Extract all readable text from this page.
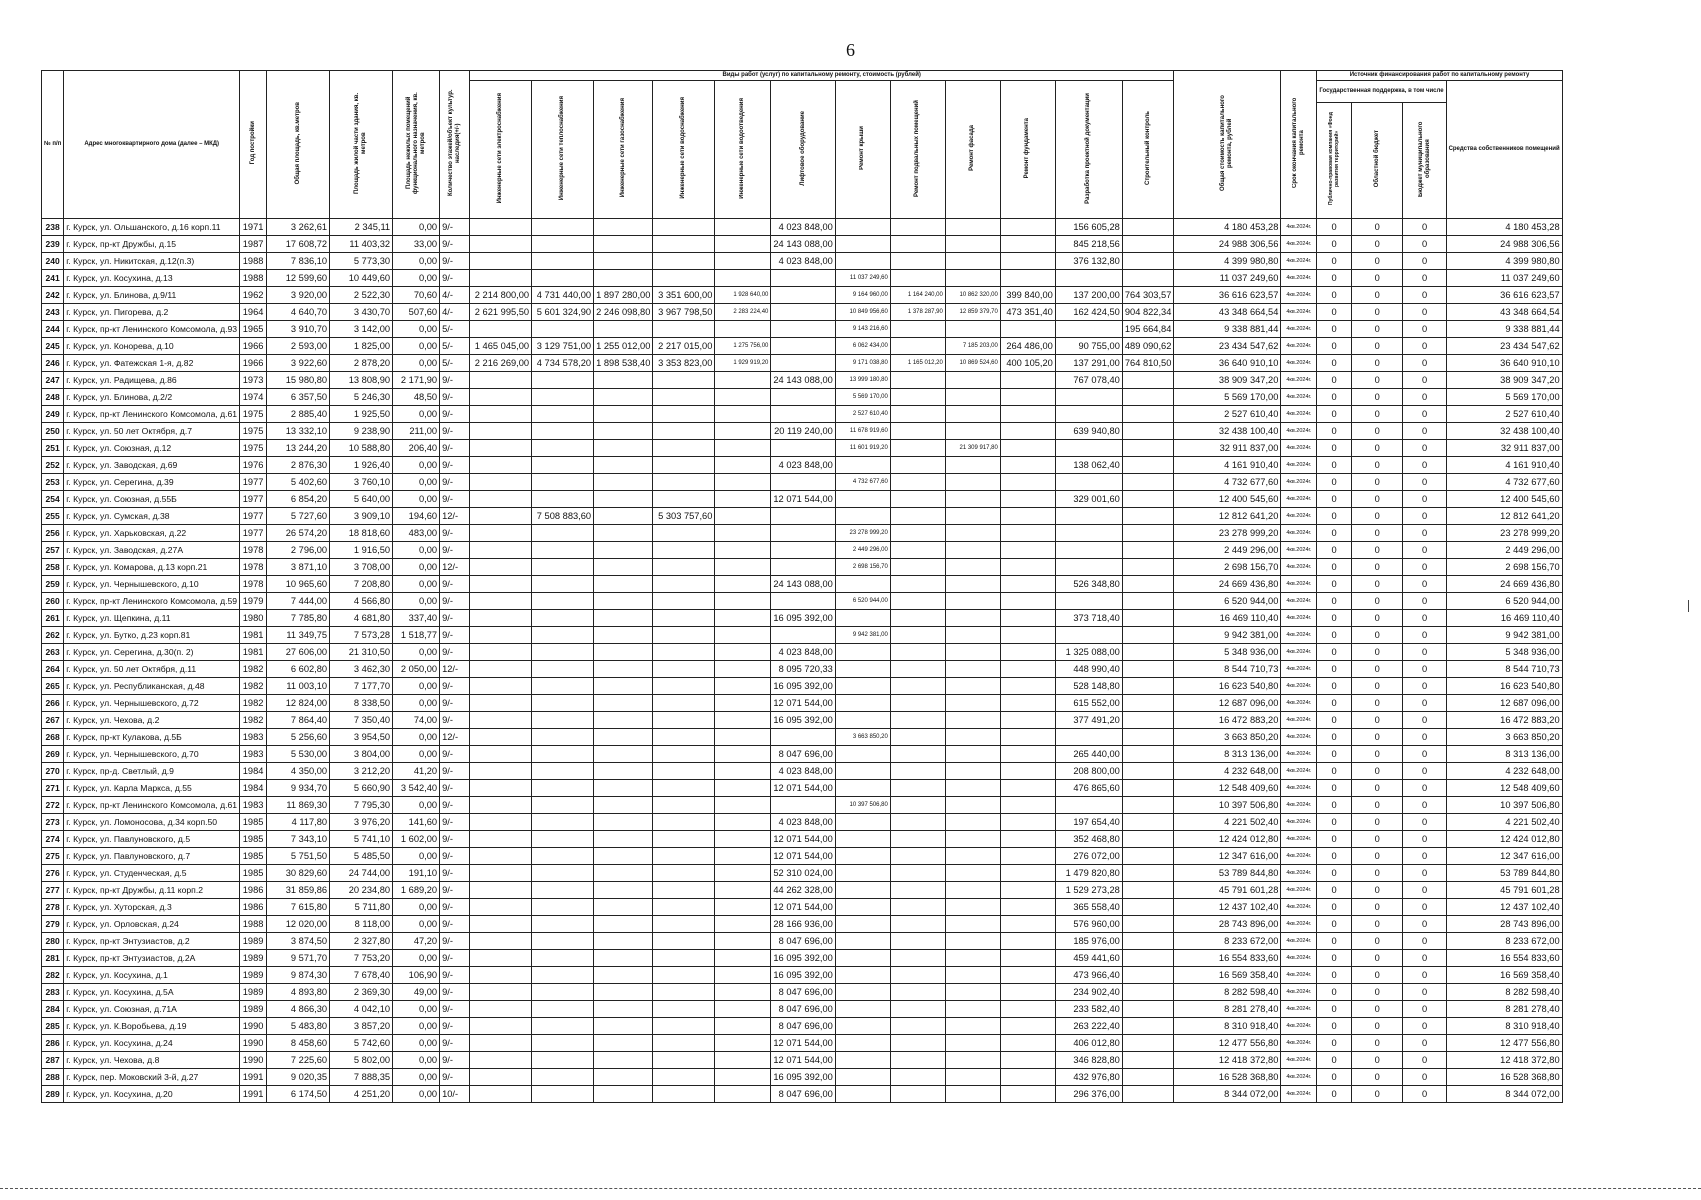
6
№ п/п	Адрес многоквартирного дома (далее – МКД)	Год постройки	Общая площадь, кв.метров	Площадь жилой части здания, кв. метров	Площадь нежилых помещений функционального назначения, кв. метров	Количество этажей/объект культур. наследия(+/-)	Виды работ (услуг) по капитальному ремонту, стоимость (рублей)												Общая стоимость капитального ремонта, рублей	Срок окончания капитального ремонта	Источник финансирования работ по капитальному ремонту			
							Инженерные сети электроснабжения	Инженерные сети теплоснабжения	Инженерные сети газоснабжения	Инженерные сети водоснабжения	Инженерные сети водоотведения	Лифтовое оборудование	Ремонт крыши	Ремонт подвальных помещений	Ремонт фасада	Ремонт фундамента	Разработка проектной документации	Строительный контроль			Государственная поддержка, в том числе			Средства собственников помещений
																					Публично-правовая компания «Фонд развития территорий»	Областной бюджет	Бюджет муниципального образования	
238	г. Курск, ул. Ольшанского, д.16 корп.11	1971	3 262,61	2 345,11	0,00	9/-						4 023 848,00					156 605,28		4 180 453,28	4кв.2024г.	0	0	0	4 180 453,28
239	г. Курск, пр-кт Дружбы, д.15	1987	17 608,72	11 403,32	33,00	9/-						24 143 088,00					845 218,56		24 988 306,56	4кв.2024г.	0	0	0	24 988 306,56
240	г. Курск, ул. Никитская, д.12(п.3)	1988	7 836,10	5 773,30	0,00	9/-						4 023 848,00					376 132,80		4 399 980,80	4кв.2024г.	0	0	0	4 399 980,80
241	г. Курск, ул. Косухина, д.13	1988	12 599,60	10 449,60	0,00	9/-							11 037 249,60						11 037 249,60	4кв.2024г.	0	0	0	11 037 249,60
242	г. Курск, ул. Блинова, д.9/11	1962	3 920,00	2 522,30	70,60	4/-	2 214 800,00	4 731 440,00	1 897 280,00	3 351 600,00	1 928 640,00		9 164 960,00	1 164 240,00	10 862 320,00	399 840,00	137 200,00	764 303,57	36 616 623,57	4кв.2024г.	0	0	0	36 616 623,57
243	г. Курск, ул. Пигорева, д.2	1964	4 640,70	3 430,70	507,60	4/-	2 621 995,50	5 601 324,90	2 246 098,80	3 967 798,50	2 283 224,40		10 849 956,60	1 378 287,90	12 859 379,70	473 351,40	162 424,50	904 822,34	43 348 664,54	4кв.2024г.	0	0	0	43 348 664,54
244	г. Курск, пр-кт Ленинского Комсомола, д.93	1965	3 910,70	3 142,00	0,00	5/-							9 143 216,60					195 664,84	9 338 881,44	4кв.2024г.	0	0	0	9 338 881,44
245	г. Курск, ул. Конорева, д.10	1966	2 593,00	1 825,00	0,00	5/-	1 465 045,00	3 129 751,00	1 255 012,00	2 217 015,00	1 275 756,00		6 062 434,00		7 185 203,00	264 486,00	90 755,00	489 090,62	23 434 547,62	4кв.2024г.	0	0	0	23 434 547,62
246	г. Курск, ул. Фатежская 1-я, д.82	1966	3 922,60	2 878,20	0,00	5/-	2 216 269,00	4 734 578,20	1 898 538,40	3 353 823,00	1 929 919,20		9 171 038,80	1 165 012,20	10 869 524,60	400 105,20	137 291,00	764 810,50	36 640 910,10	4кв.2024г.	0	0	0	36 640 910,10
247	г. Курск, ул. Радищева, д.86	1973	15 980,80	13 808,90	2 171,90	9/-						24 143 088,00	13 999 180,80				767 078,40		38 909 347,20	4кв.2024г.	0	0	0	38 909 347,20
248	г. Курск, ул. Блинова, д.2/2	1974	6 357,50	5 246,30	48,50	9/-							5 569 170,00						5 569 170,00	4кв.2024г.	0	0	0	5 569 170,00
249	г. Курск, пр-кт Ленинского Комсомола, д.61	1975	2 885,40	1 925,50	0,00	9/-							2 527 610,40						2 527 610,40	4кв.2024г.	0	0	0	2 527 610,40
250	г. Курск, ул. 50 лет Октября, д.7	1975	13 332,10	9 238,90	211,00	9/-						20 119 240,00	11 678 919,60				639 940,80		32 438 100,40	4кв.2024г.	0	0	0	32 438 100,40
251	г. Курск, ул. Союзная, д.12	1975	13 244,20	10 588,80	206,40	9/-							11 601 919,20		21 309 917,80				32 911 837,00	4кв.2024г.	0	0	0	32 911 837,00
252	г. Курск, ул. Заводская, д.69	1976	2 876,30	1 926,40	0,00	9/-						4 023 848,00					138 062,40		4 161 910,40	4кв.2024г.	0	0	0	4 161 910,40
253	г. Курск, ул. Серегина, д.39	1977	5 402,60	3 760,10	0,00	9/-							4 732 677,60						4 732 677,60	4кв.2024г.	0	0	0	4 732 677,60
254	г. Курск, ул. Союзная, д.55Б	1977	6 854,20	5 640,00	0,00	9/-						12 071 544,00					329 001,60		12 400 545,60	4кв.2024г.	0	0	0	12 400 545,60
255	г. Курск, ул. Сумская, д.38	1977	5 727,60	3 909,10	194,60	12/-		7 508 883,60		5 303 757,60									12 812 641,20	4кв.2024г.	0	0	0	12 812 641,20
256	г. Курск, ул. Харьковская, д.22	1977	26 574,20	18 818,60	483,00	9/-							23 278 999,20						23 278 999,20	4кв.2024г.	0	0	0	23 278 999,20
257	г. Курск, ул. Заводская, д.27А	1978	2 796,00	1 916,50	0,00	9/-							2 449 296,00						2 449 296,00	4кв.2024г.	0	0	0	2 449 296,00
258	г. Курск, ул. Комарова, д.13 корп.21	1978	3 871,10	3 708,00	0,00	12/-							2 698 156,70						2 698 156,70	4кв.2024г.	0	0	0	2 698 156,70
259	г. Курск, ул. Чернышевского, д.10	1978	10 965,60	7 208,80	0,00	9/-						24 143 088,00					526 348,80		24 669 436,80	4кв.2024г.	0	0	0	24 669 436,80
260	г. Курск, пр-кт Ленинского Комсомола, д.59	1979	7 444,00	4 566,80	0,00	9/-							6 520 944,00						6 520 944,00	4кв.2024г.	0	0	0	6 520 944,00
261	г. Курск, ул. Щепкина, д.11	1980	7 785,80	4 681,80	337,40	9/-						16 095 392,00					373 718,40		16 469 110,40	4кв.2024г.	0	0	0	16 469 110,40
262	г. Курск, ул. Бутко, д.23 корп.81	1981	11 349,75	7 573,28	1 518,77	9/-							9 942 381,00						9 942 381,00	4кв.2024г.	0	0	0	9 942 381,00
263	г. Курск, ул. Серегина, д.30(п. 2)	1981	27 606,00	21 310,50	0,00	9/-						4 023 848,00					1 325 088,00		5 348 936,00	4кв.2024г.	0	0	0	5 348 936,00
264	г. Курск, ул. 50 лет Октября, д.11	1982	6 602,80	3 462,30	2 050,00	12/-						8 095 720,33					448 990,40		8 544 710,73	4кв.2024г.	0	0	0	8 544 710,73
265	г. Курск, ул. Республиканская, д.48	1982	11 003,10	7 177,70	0,00	9/-						16 095 392,00					528 148,80		16 623 540,80	4кв.2024г.	0	0	0	16 623 540,80
266	г. Курск, ул. Чернышевского, д.72	1982	12 824,00	8 338,50	0,00	9/-						12 071 544,00					615 552,00		12 687 096,00	4кв.2024г.	0	0	0	12 687 096,00
267	г. Курск, ул. Чехова, д.2	1982	7 864,40	7 350,40	74,00	9/-						16 095 392,00					377 491,20		16 472 883,20	4кв.2024г.	0	0	0	16 472 883,20
268	г. Курск, пр-кт Кулакова, д.5Б	1983	5 256,60	3 954,50	0,00	12/-							3 663 850,20						3 663 850,20	4кв.2024г.	0	0	0	3 663 850,20
269	г. Курск, ул. Чернышевского, д.70	1983	5 530,00	3 804,00	0,00	9/-						8 047 696,00					265 440,00		8 313 136,00	4кв.2024г.	0	0	0	8 313 136,00
270	г. Курск, пр-д. Светлый, д.9	1984	4 350,00	3 212,20	41,20	9/-						4 023 848,00					208 800,00		4 232 648,00	4кв.2024г.	0	0	0	4 232 648,00
271	г. Курск, ул. Карла Маркса, д.55	1984	9 934,70	5 660,90	3 542,40	9/-						12 071 544,00					476 865,60		12 548 409,60	4кв.2024г.	0	0	0	12 548 409,60
272	г. Курск, пр-кт Ленинского Комсомола, д.61	1983	11 869,30	7 795,30	0,00	9/-							10 397 506,80						10 397 506,80	4кв.2024г.	0	0	0	10 397 506,80
273	г. Курск, ул. Ломоносова, д.34 корп.50	1985	4 117,80	3 976,20	141,60	9/-						4 023 848,00					197 654,40		4 221 502,40	4кв.2024г.	0	0	0	4 221 502,40
274	г. Курск, ул. Павлуновского, д.5	1985	7 343,10	5 741,10	1 602,00	9/-						12 071 544,00					352 468,80		12 424 012,80	4кв.2024г.	0	0	0	12 424 012,80
275	г. Курск, ул. Павлуновского, д.7	1985	5 751,50	5 485,50	0,00	9/-						12 071 544,00					276 072,00		12 347 616,00	4кв.2024г.	0	0	0	12 347 616,00
276	г. Курск, ул. Студенческая, д.5	1985	30 829,60	24 744,00	191,10	9/-						52 310 024,00					1 479 820,80		53 789 844,80	4кв.2024г.	0	0	0	53 789 844,80
277	г. Курск, пр-кт Дружбы, д.11 корп.2	1986	31 859,86	20 234,80	1 689,20	9/-						44 262 328,00					1 529 273,28		45 791 601,28	4кв.2024г.	0	0	0	45 791 601,28
278	г. Курск, ул. Хуторская, д.3	1986	7 615,80	5 711,80	0,00	9/-						12 071 544,00					365 558,40		12 437 102,40	4кв.2024г.	0	0	0	12 437 102,40
279	г. Курск, ул. Орловская, д.24	1988	12 020,00	8 118,00	0,00	9/-						28 166 936,00					576 960,00		28 743 896,00	4кв.2024г.	0	0	0	28 743 896,00
280	г. Курск, пр-кт Энтузиастов, д.2	1989	3 874,50	2 327,80	47,20	9/-						8 047 696,00					185 976,00		8 233 672,00	4кв.2024г.	0	0	0	8 233 672,00
281	г. Курск, пр-кт Энтузиастов, д.2А	1989	9 571,70	7 753,20	0,00	9/-						16 095 392,00					459 441,60		16 554 833,60	4кв.2024г.	0	0	0	16 554 833,60
282	г. Курск, ул. Косухина, д.1	1989	9 874,30	7 678,40	106,90	9/-						16 095 392,00					473 966,40		16 569 358,40	4кв.2024г.	0	0	0	16 569 358,40
283	г. Курск, ул. Косухина, д.5А	1989	4 893,80	2 369,30	49,00	9/-						8 047 696,00					234 902,40		8 282 598,40	4кв.2024г.	0	0	0	8 282 598,40
284	г. Курск, ул. Союзная, д.71А	1989	4 866,30	4 042,10	0,00	9/-						8 047 696,00					233 582,40		8 281 278,40	4кв.2024г.	0	0	0	8 281 278,40
285	г. Курск, ул. К.Воробьева, д.19	1990	5 483,80	3 857,20	0,00	9/-						8 047 696,00					263 222,40		8 310 918,40	4кв.2024г.	0	0	0	8 310 918,40
286	г. Курск, ул. Косухина, д.24	1990	8 458,60	5 742,60	0,00	9/-						12 071 544,00					406 012,80		12 477 556,80	4кв.2024г.	0	0	0	12 477 556,80
287	г. Курск, ул. Чехова, д.8	1990	7 225,60	5 802,00	0,00	9/-						12 071 544,00					346 828,80		12 418 372,80	4кв.2024г.	0	0	0	12 418 372,80
288	г. Курск, пер. Моковский 3-й, д.27	1991	9 020,35	7 888,35	0,00	9/-						16 095 392,00					432 976,80		16 528 368,80	4кв.2024г.	0	0	0	16 528 368,80
289	г. Курск, ул. Косухина, д.20	1991	6 174,50	4 251,20	0,00	10/-						8 047 696,00					296 376,00		8 344 072,00	4кв.2024г.	0	0	0	8 344 072,00
